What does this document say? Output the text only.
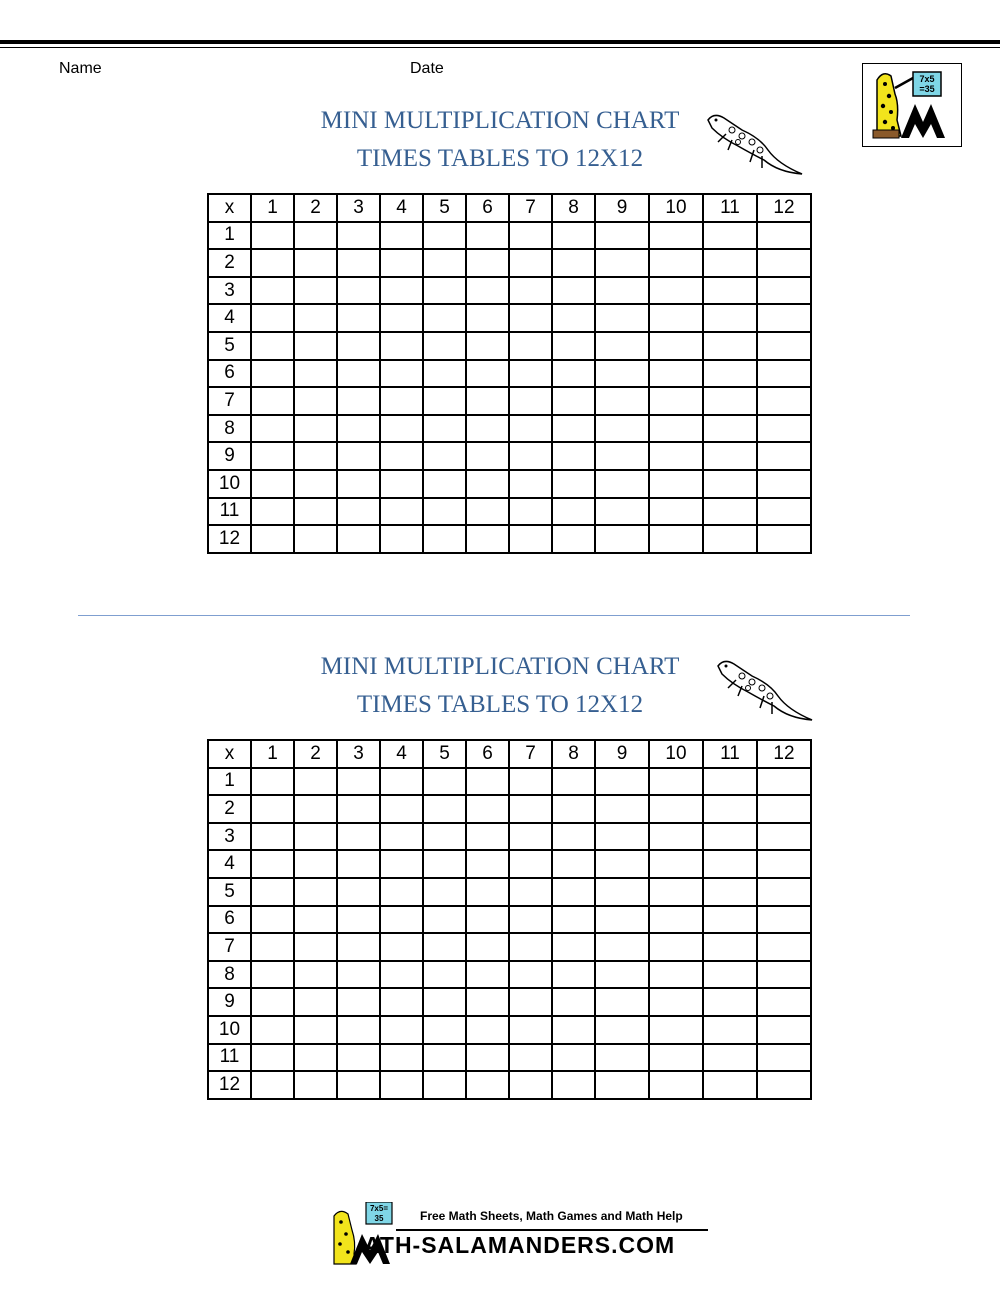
Name	Date
7x5
=35
MINI MULTIPLICATION CHART
TIMES TABLES TO 12X12
x	1	2	3	4	5	6	7	8	9	10	11	12
1												
2												
3												
4												
5												
6												
7												
8												
9												
10												
11												
12												
MINI MULTIPLICATION CHART
TIMES TABLES TO 12X12
x	1	2	3	4	5	6	7	8	9	10	11	12
1												
2												
3												
4												
5												
6												
7												
8												
9												
10												
11												
12												
7x5=
35	Free Math Sheets, Math Games and Math Help
ATH-SALAMANDERS.COM
